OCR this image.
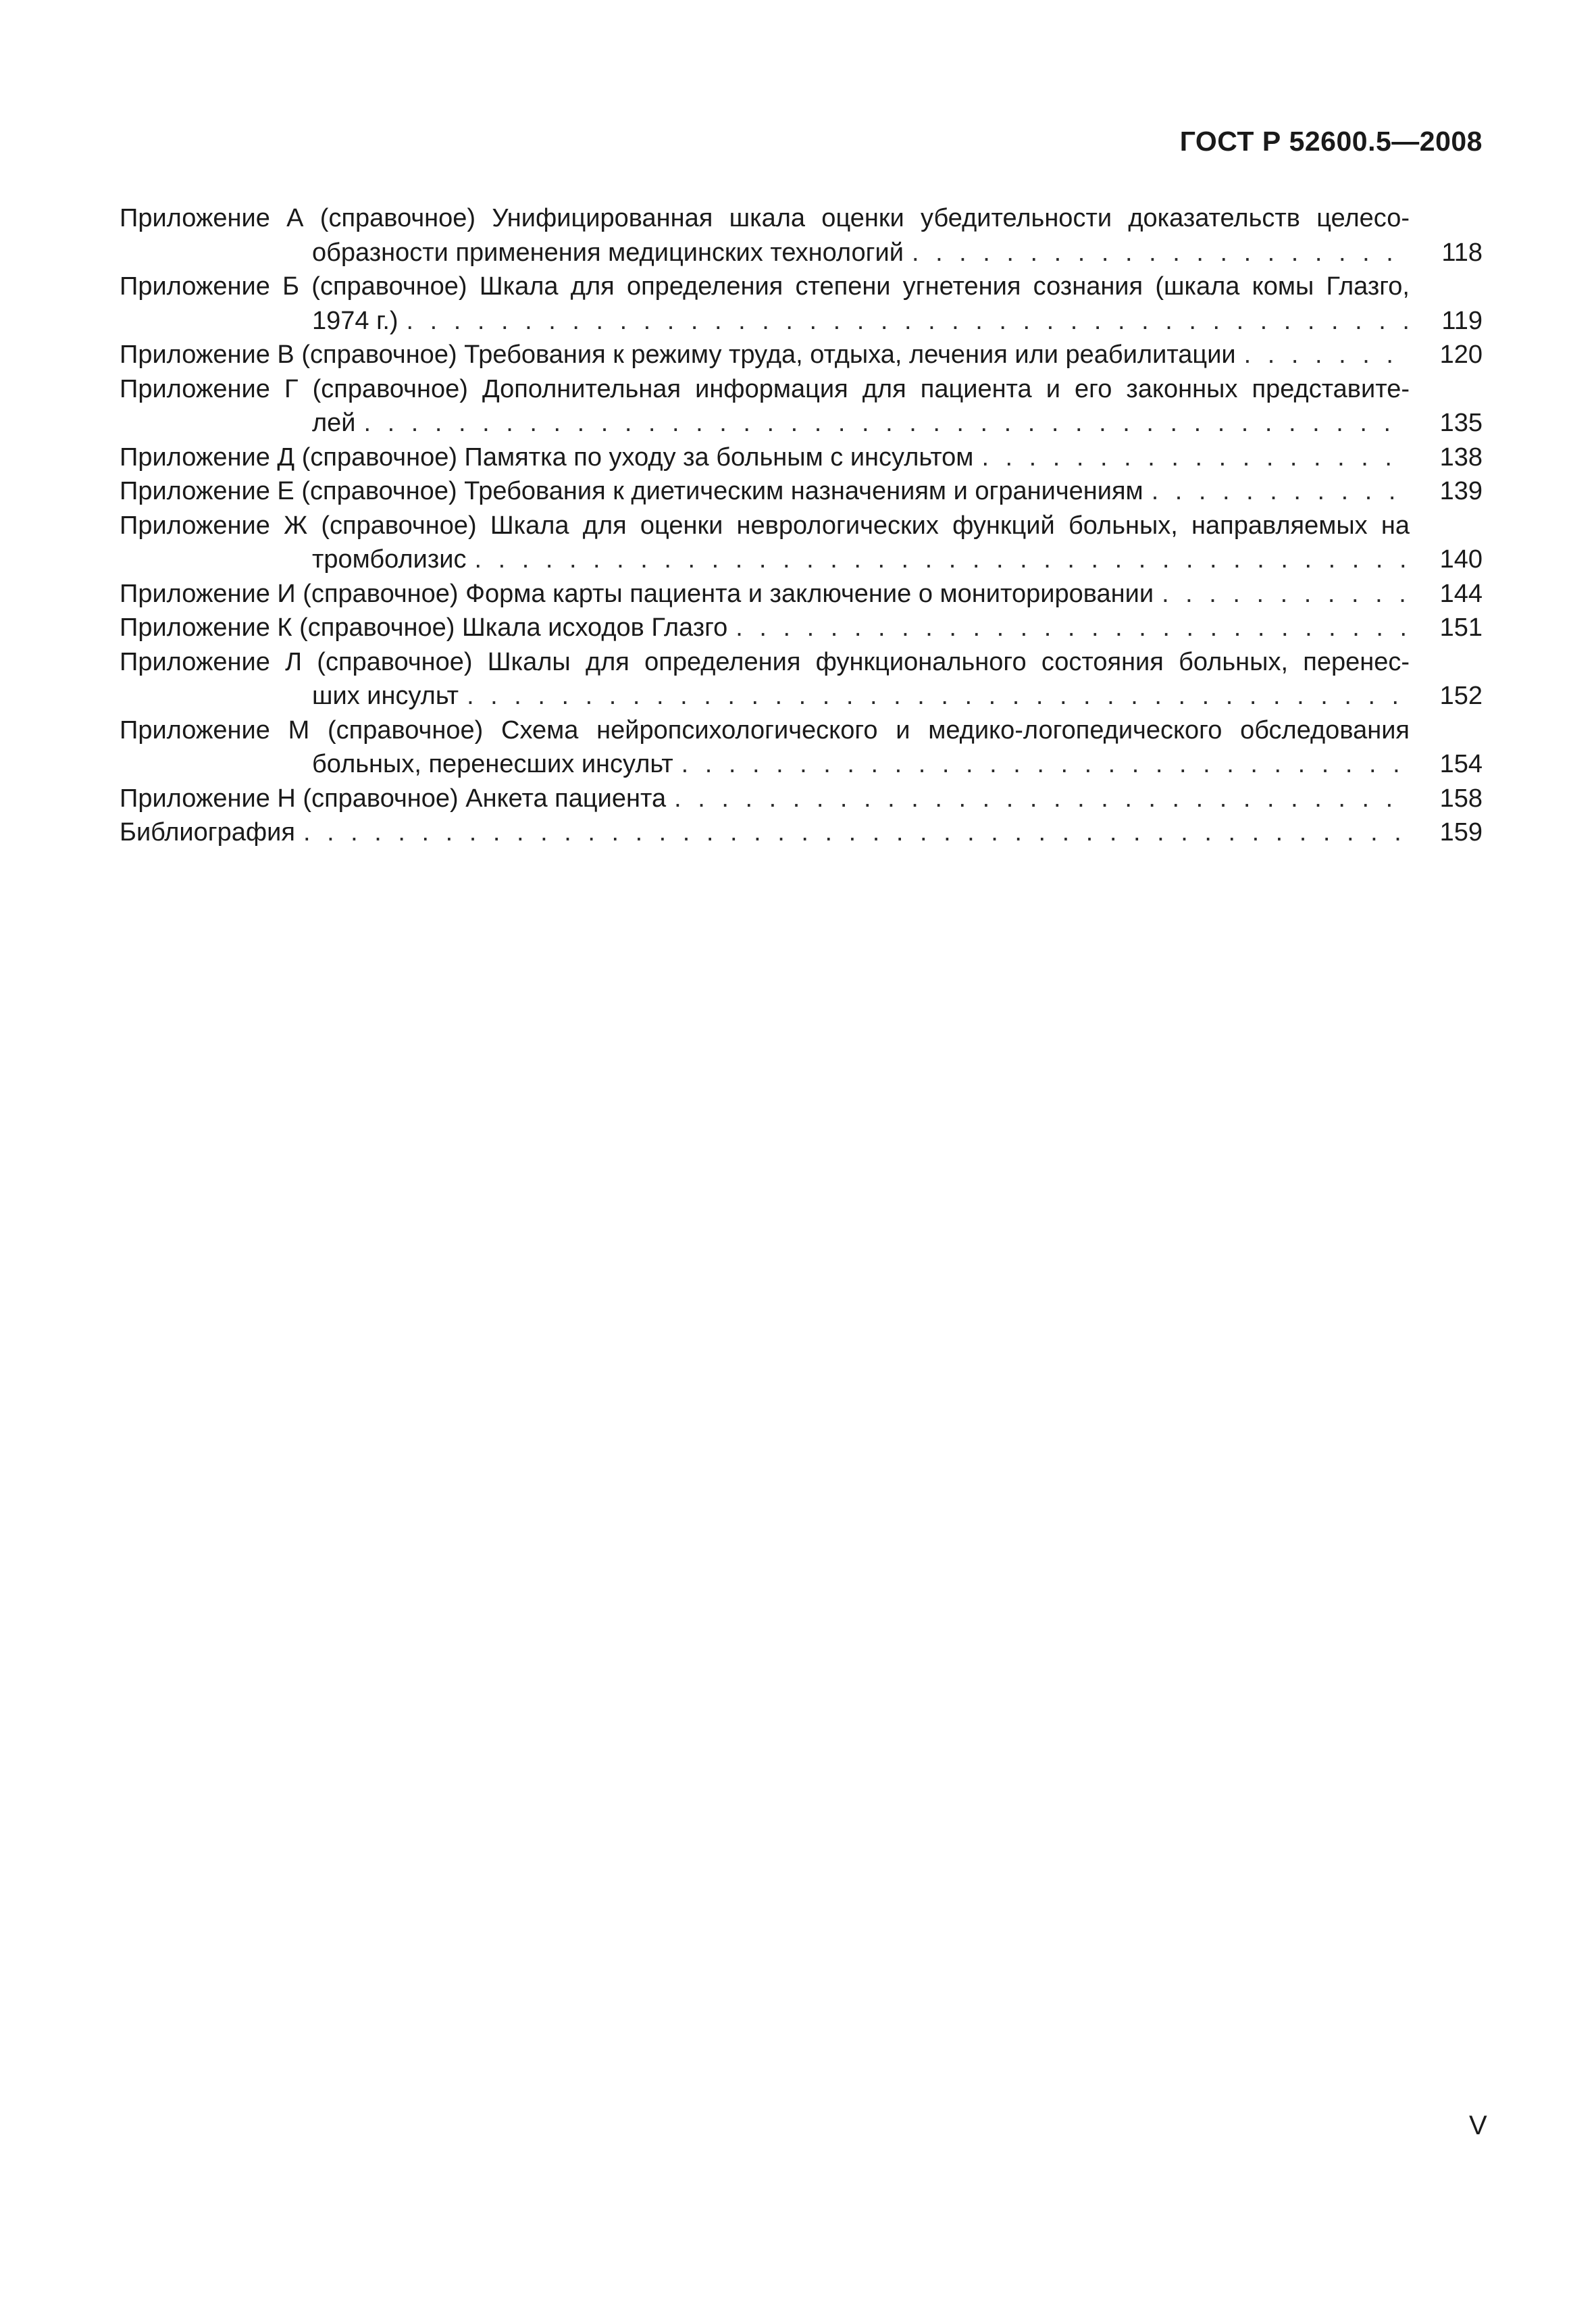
ГОСТ Р 52600.5—2008
Приложение А (справочное) Унифицированная шкала оценки убедительности доказательств целесо-
образности применения медицинских технологий . . .	118
Приложение Б (справочное) Шкала для определения степени угнетения сознания (шкала комы Глазго,
1974 г.) . . .	119
Приложение В (справочное) Требования к режиму труда, отдыха, лечения или реабилитации . . .	120
Приложение Г (справочное) Дополнительная информация для пациента и его законных представите-
лей . . .	135
Приложение Д (справочное) Памятка по уходу за больным с инсультом . . .	138
Приложение Е (справочное) Требования к диетическим назначениям и ограничениям . . .	139
Приложение Ж (справочное) Шкала для оценки неврологических функций больных, направляемых на
тромболизис . . .	140
Приложение И (справочное) Форма карты пациента и заключение о мониторировании . . .	144
Приложение К (справочное) Шкала исходов Глазго . . .	151
Приложение Л (справочное) Шкалы для определения функционального состояния больных, перенес-
ших инсульт . . .	152
Приложение М (справочное) Схема нейропсихологического и медико-логопедического обследования
больных, перенесших инсульт . . .	154
Приложение Н (справочное) Анкета пациента . . .	158
Библиография . . .	159
V
